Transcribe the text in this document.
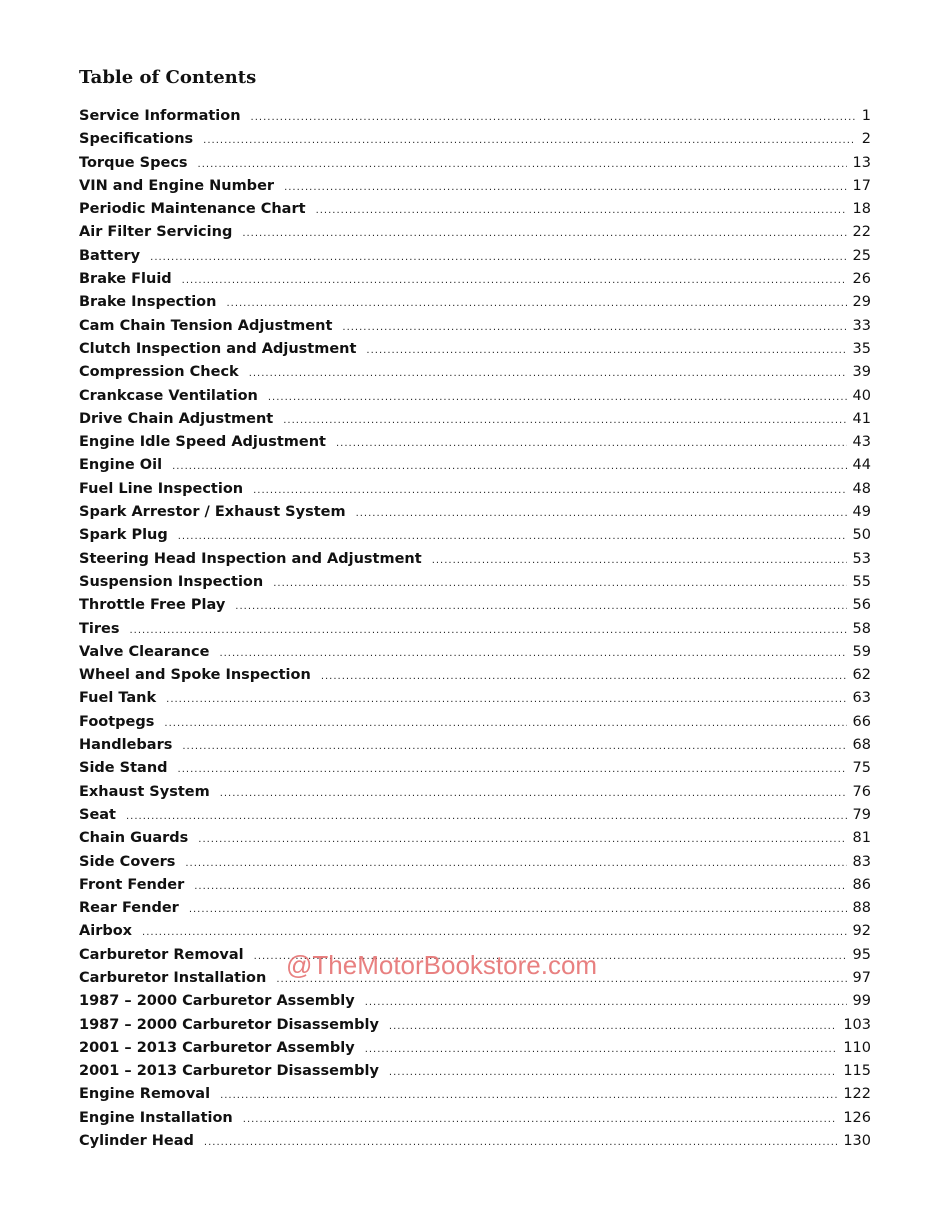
Table of Contents
Service Information .....	1
Specifications .....	2
Torque Specs .....	13
VIN and Engine Number .....	17
Periodic Maintenance Chart .....	18
Air Filter Servicing .....	22
Battery .....	25
Brake Fluid .....	26
Brake Inspection .....	29
Cam Chain Tension Adjustment .....	33
Clutch Inspection and Adjustment .....	35
Compression Check .....	39
Crankcase Ventilation .....	40
Drive Chain Adjustment .....	41
Engine Idle Speed Adjustment .....	43
Engine Oil .....	44
Fuel Line Inspection .....	48
Spark Arrestor / Exhaust System .....	49
Spark Plug .....	50
Steering Head Inspection and Adjustment .....	53
Suspension Inspection .....	55
Throttle Free Play .....	56
Tires .....	58
Valve Clearance .....	59
Wheel and Spoke Inspection .....	62
Fuel Tank .....	63
Footpegs .....	66
Handlebars .....	68
Side Stand .....	75
Exhaust System .....	76
Seat .....	79
Chain Guards .....	81
Side Covers .....	83
Front Fender .....	86
Rear Fender .....	88
Airbox .....	92
Carburetor Removal .....	95
Carburetor Installation .....	97
1987 – 2000 Carburetor Assembly .....	99
1987 – 2000 Carburetor Disassembly .....	103
2001 – 2013 Carburetor Assembly .....	110
2001 – 2013 Carburetor Disassembly .....	115
Engine Removal .....	122
Engine Installation .....	126
Cylinder Head .....	130
@TheMotorBookstore.com
